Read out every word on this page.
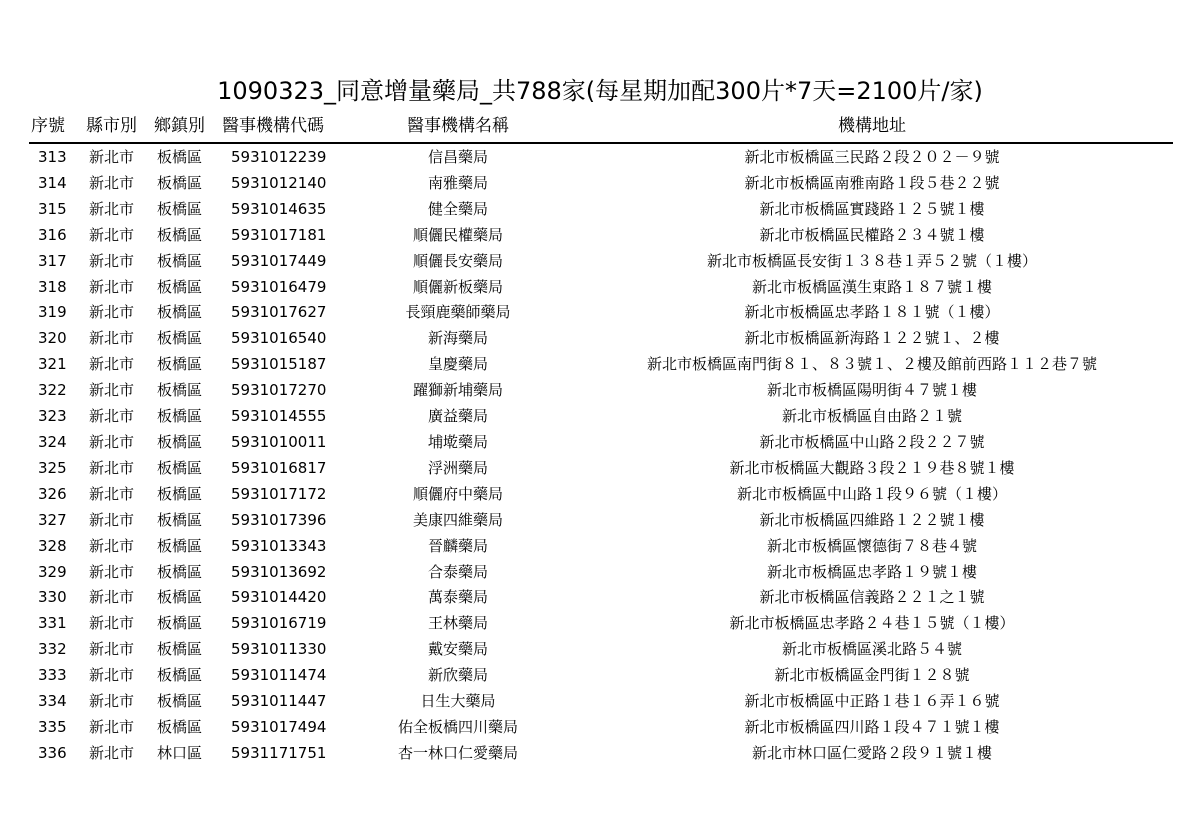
1090323_同意增量藥局_共788家(每星期加配300片*7天=2100片/家)
序號 縣市別 鄉鎮別 醫事機構代碼	醫事機構名稱	機構地址
313 新北市 板橋區 5931012239	信昌藥局	新北市板橋區三民路２段２０２－９號
314 新北市 板橋區 5931012140	南雅藥局	新北市板橋區南雅南路１段５巷２２號
315 新北市 板橋區 5931014635	健全藥局	新北市板橋區實踐路１２５號１樓
316 新北市 板橋區 5931017181	順儷民權藥局	新北市板橋區民權路２３４號１樓
317 新北市 板橋區 5931017449	順儷長安藥局	新北市板橋區長安街１３８巷１弄５２號（１樓）
318 新北市 板橋區 5931016479	順儷新板藥局	新北市板橋區漢生東路１８７號１樓
319 新北市 板橋區 5931017627	長頸鹿藥師藥局	新北市板橋區忠孝路１８１號（１樓）
320 新北市 板橋區 5931016540	新海藥局	新北市板橋區新海路１２２號１、２樓
321 新北市 板橋區 5931015187	皇慶藥局	新北市板橋區南門街８１、８３號１、２樓及館前西路１１２巷７號
322 新北市 板橋區 5931017270	躍獅新埔藥局	新北市板橋區陽明街４７號１樓
323 新北市 板橋區 5931014555	廣益藥局	新北市板橋區自由路２１號
324 新北市 板橋區 5931010011	埔墘藥局	新北市板橋區中山路２段２２７號
325 新北市 板橋區 5931016817	浮洲藥局	新北市板橋區大觀路３段２１９巷８號１樓
326 新北市 板橋區 5931017172	順儷府中藥局	新北市板橋區中山路１段９６號（１樓）
327 新北市 板橋區 5931017396	美康四維藥局	新北市板橋區四維路１２２號１樓
328 新北市 板橋區 5931013343	晉麟藥局	新北市板橋區懷德街７８巷４號
329 新北市 板橋區 5931013692	合泰藥局	新北市板橋區忠孝路１９號１樓
330 新北市 板橋區 5931014420	萬泰藥局	新北市板橋區信義路２２１之１號
331 新北市 板橋區 5931016719	王林藥局	新北市板橋區忠孝路２４巷１５號（１樓）
332 新北市 板橋區 5931011330	戴安藥局	新北市板橋區溪北路５４號
333 新北市 板橋區 5931011474	新欣藥局	新北市板橋區金門街１２８號
334 新北市 板橋區 5931011447	日生大藥局	新北市板橋區中正路１巷１６弄１６號
335 新北市 板橋區 5931017494	佑全板橋四川藥局	新北市板橋區四川路１段４７１號１樓
336 新北市 林口區 5931171751	杏一林口仁愛藥局	新北市林口區仁愛路２段９１號１樓
